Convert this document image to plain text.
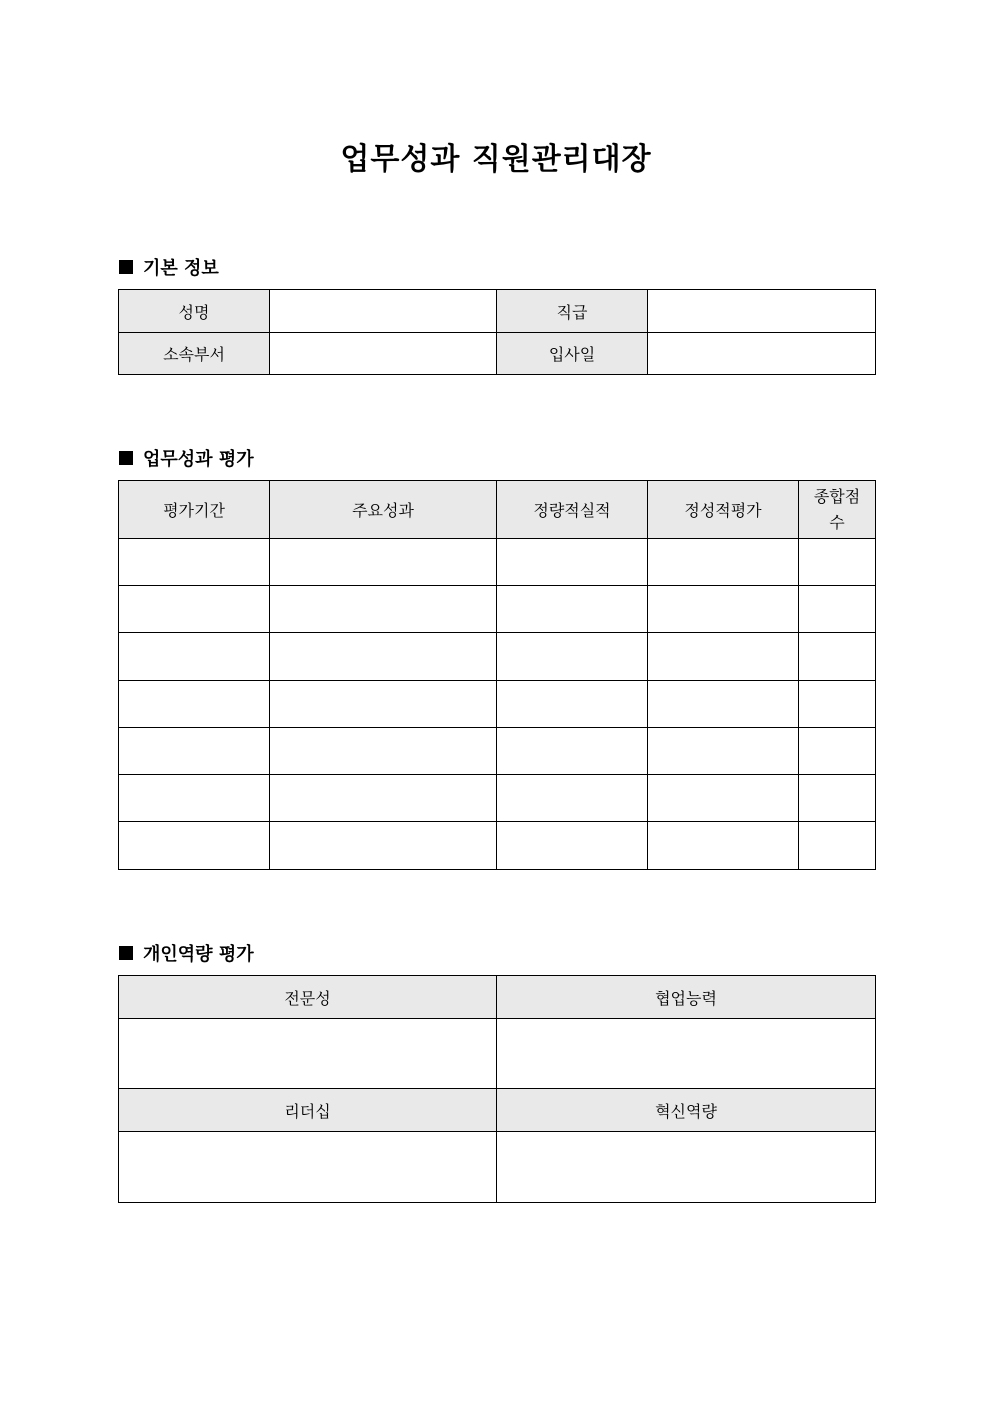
업무성과 직원관리대장
기본 정보
성명		직급	
소속부서		입사일	
업무성과 평가
평가기간	주요성과	정량적실적	정성적평가	종합점
수

개인역량 평가
전문성	협업능력

리더십	혁신역량
